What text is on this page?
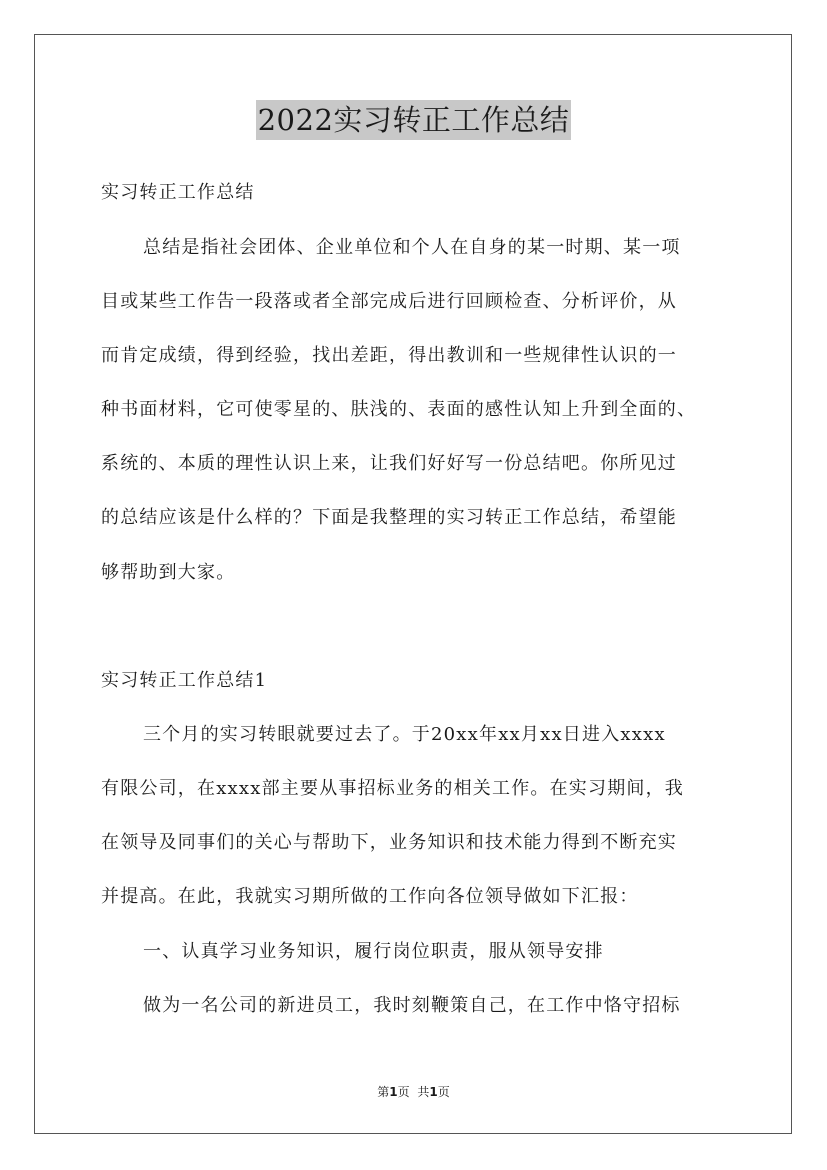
2022实习转正工作总结
实习转正工作总结
总结是指社会团体、企业单位和个人在自身的某一时期、某一项
目或某些工作告一段落或者全部完成后进行回顾检查、分析评价，从
而肯定成绩，得到经验，找出差距，得出教训和一些规律性认识的一
种书面材料，它可使零星的、肤浅的、表面的感性认知上升到全面的、
系统的、本质的理性认识上来，让我们好好写一份总结吧。你所见过
的总结应该是什么样的？下面是我整理的实习转正工作总结，希望能
够帮助到大家。
实习转正工作总结1
三个月的实习转眼就要过去了。于20xx年xx月xx日进入xxxx
有限公司，在xxxx部主要从事招标业务的相关工作。在实习期间，我
在领导及同事们的关心与帮助下，业务知识和技术能力得到不断充实
并提高。在此，我就实习期所做的工作向各位领导做如下汇报：
一、认真学习业务知识，履行岗位职责，服从领导安排
做为一名公司的新进员工，我时刻鞭策自己，在工作中恪守招标
第1页 共1页
